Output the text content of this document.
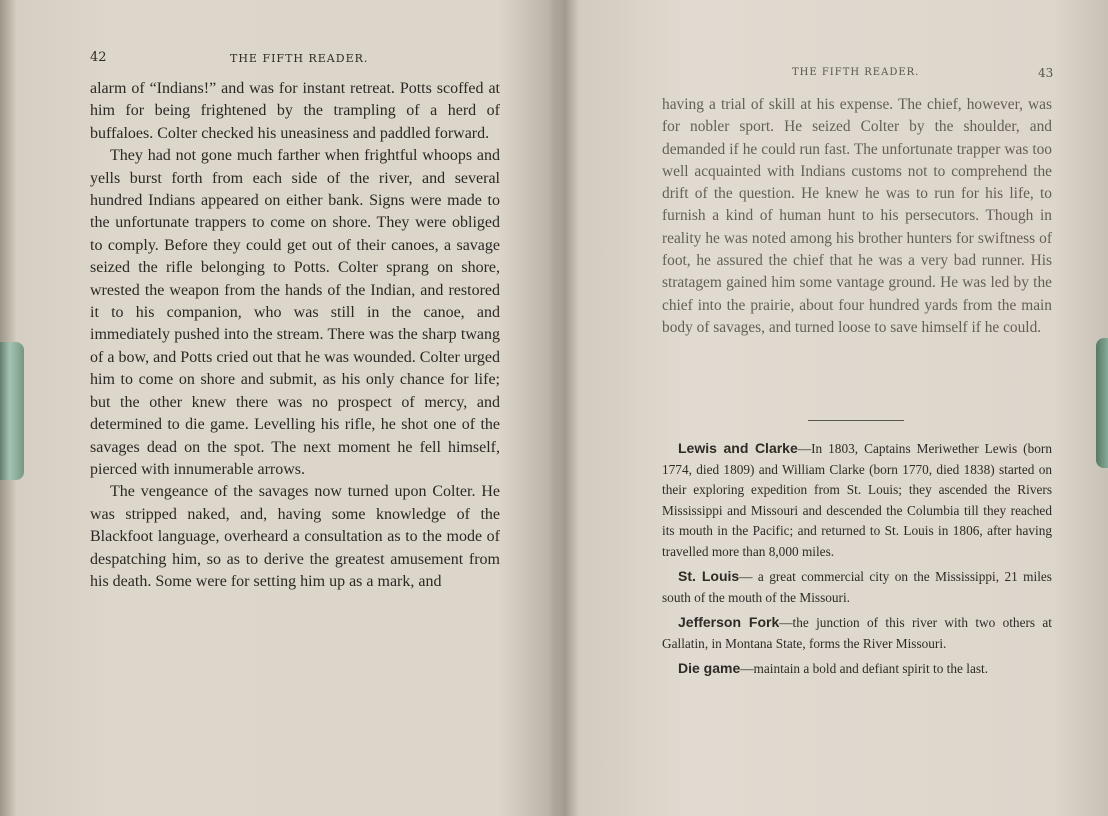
42	THE FIFTH READER.

alarm of “Indians!” and was for instant retreat. Potts scoffed at him for being frightened by the trampling of a herd of buffaloes. Colter checked his uneasiness and paddled forward.

They had not gone much farther when frightful whoops and yells burst forth from each side of the river, and several hundred Indians appeared on either bank. Signs were made to the unfortunate trappers to come on shore. They were obliged to comply. Before they could get out of their canoes, a savage seized the rifle belonging to Potts. Colter sprang on shore, wrested the weapon from the hands of the Indian, and restored it to his companion, who was still in the canoe, and immediately pushed into the stream. There was the sharp twang of a bow, and Potts cried out that he was wounded. Colter urged him to come on shore and submit, as his only chance for life; but the other knew there was no prospect of mercy, and determined to die game. Levelling his rifle, he shot one of the savages dead on the spot. The next moment he fell himself, pierced with innumerable arrows.

The vengeance of the savages now turned upon Colter. He was stripped naked, and, having some knowledge of the Blackfoot language, overheard a consultation as to the mode of despatching him, so as to derive the greatest amusement from his death. Some were for setting him up as a mark, and

THE FIFTH READER.	43

having a trial of skill at his expense. The chief, however, was for nobler sport. He seized Colter by the shoulder, and demanded if he could run fast. The unfortunate trapper was too well acquainted with Indians customs not to comprehend the drift of the question. He knew he was to run for his life, to furnish a kind of human hunt to his persecutors. Though in reality he was noted among his brother hunters for swiftness of foot, he assured the chief that he was a very bad runner. His stratagem gained him some vantage ground. He was led by the chief into the prairie, about four hundred yards from the main body of savages, and turned loose to save himself if he could.

Lewis and Clarke—In 1803, Captains Meriwether Lewis (born 1774, died 1809) and William Clarke (born 1770, died 1838) started on their exploring expedition from St. Louis; they ascended the Rivers Mississippi and Missouri and descended the Columbia till they reached its mouth in the Pacific; and returned to St. Louis in 1806, after having travelled more than 8,000 miles.

St. Louis— a great commercial city on the Mississippi, 21 miles south of the mouth of the Missouri.

Jefferson Fork—the junction of this river with two others at Gallatin, in Montana State, forms the River Missouri.

Die game—maintain a bold and defiant spirit to the last.
